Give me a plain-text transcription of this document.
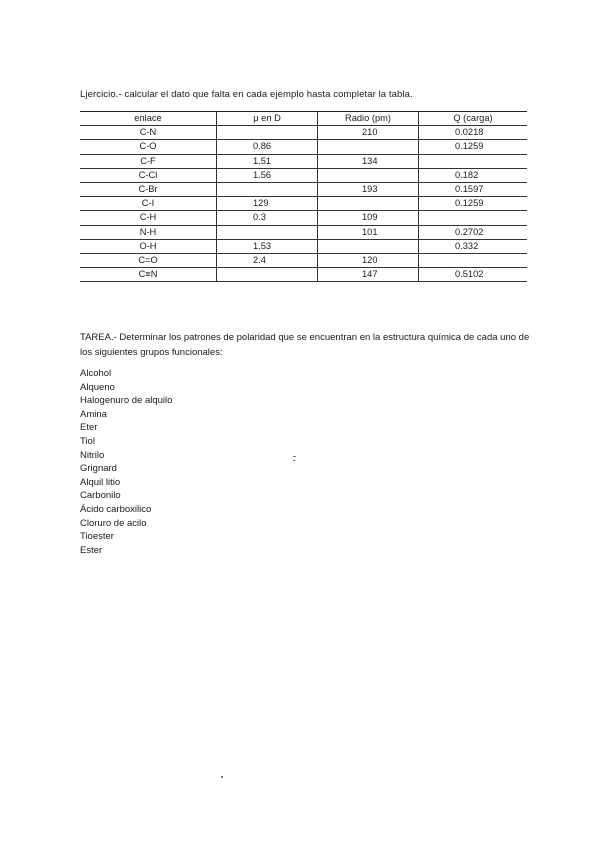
Ljercicio.- calcular el dato que falta en cada ejemplo hasta completar la tabla.
enlace	μ en D	Radio (pm)	Q (carga)
C-N		210	0.0218
C-O	0.86		0.1259
C-F	1.51	134	
C-Cl	1.56		0.182
C-Br		193	0.1597
C-I	129		0.1259
C-H	0.3	109	
N-H		101	0.2702
O-H	1.53		0.332
C=O	2.4	120	
C≡N		147	0.5102
TAREA.- Determinar los patrones de polaridad que se encuentran en la estructura química de cada uno de los siguientes grupos funcionales:
Alcohol
Alqueno
Halogenuro de alquilo
Amina
Eter
Tiol
Nitrilo
Grignard
Alquil litio
Carbonilo
Ácido carboxilico
Cloruro de acilo
Tioester
Ester
